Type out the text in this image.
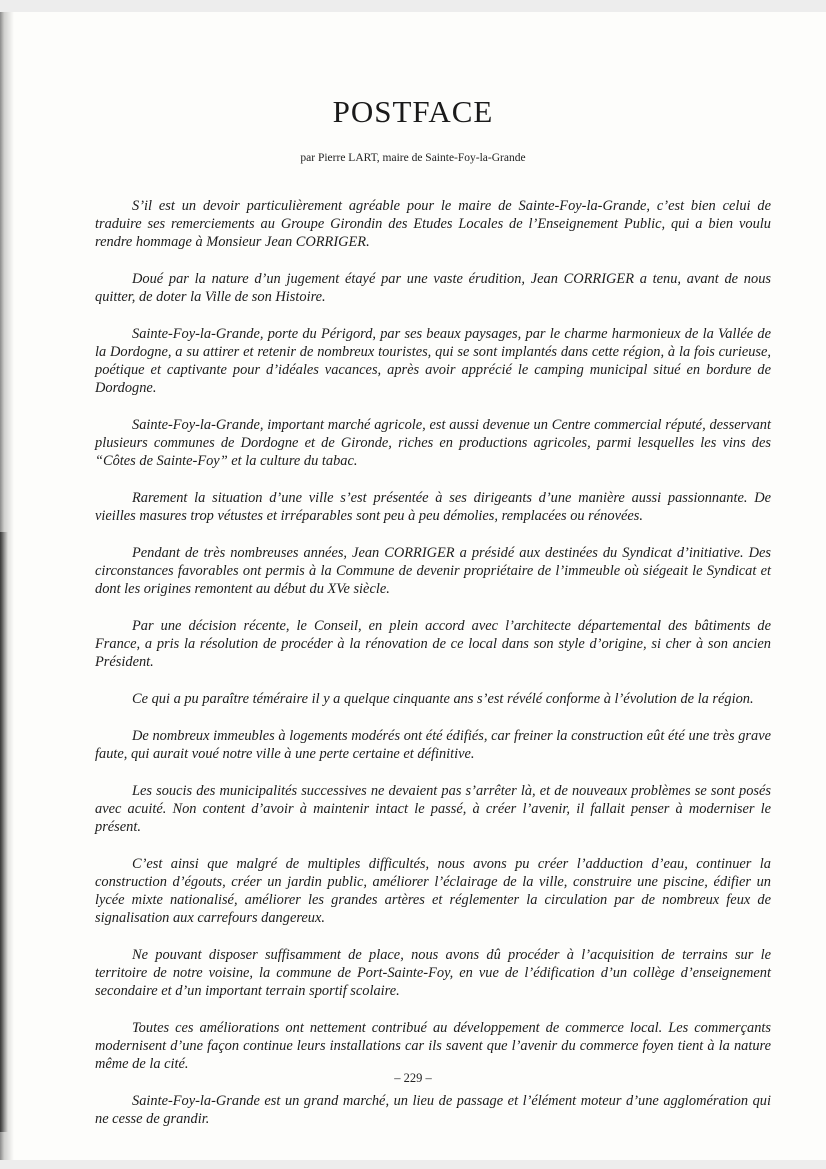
POSTFACE
par Pierre LART, maire de Sainte-Foy-la-Grande

S’il est un devoir particulièrement agréable pour le maire de Sainte-Foy-la-Grande, c’est bien celui de traduire ses remerciements au Groupe Girondin des Etudes Locales de l’Enseignement Public, qui a bien voulu rendre hommage à Monsieur Jean CORRIGER.

Doué par la nature d’un jugement étayé par une vaste érudition, Jean CORRIGER a tenu, avant de nous quitter, de doter la Ville de son Histoire.

Sainte-Foy-la-Grande, porte du Périgord, par ses beaux paysages, par le charme harmonieux de la Vallée de la Dordogne, a su attirer et retenir de nombreux touristes, qui se sont implantés dans cette région, à la fois curieuse, poétique et captivante pour d’idéales vacances, après avoir apprécié le camping municipal situé en bordure de Dordogne.

Sainte-Foy-la-Grande, important marché agricole, est aussi devenue un Centre commercial réputé, desservant plusieurs communes de Dordogne et de Gironde, riches en productions agricoles, parmi lesquelles les vins des “Côtes de Sainte-Foy” et la culture du tabac.

Rarement la situation d’une ville s’est présentée à ses dirigeants d’une manière aussi passionnante. De vieilles masures trop vétustes et irréparables sont peu à peu démolies, remplacées ou rénovées.

Pendant de très nombreuses années, Jean CORRIGER a présidé aux destinées du Syndicat d’initiative. Des circonstances favorables ont permis à la Commune de devenir propriétaire de l’immeuble où siégeait le Syndicat et dont les origines remontent au début du XVe siècle.

Par une décision récente, le Conseil, en plein accord avec l’architecte départemental des bâtiments de France, a pris la résolution de procéder à la rénovation de ce local dans son style d’origine, si cher à son ancien Président.

Ce qui a pu paraître téméraire il y a quelque cinquante ans s’est révélé conforme à l’évolution de la région.

De nombreux immeubles à logements modérés ont été édifiés, car freiner la construction eût été une très grave faute, qui aurait voué notre ville à une perte certaine et définitive.

Les soucis des municipalités successives ne devaient pas s’arrêter là, et de nouveaux problèmes se sont posés avec acuité. Non content d’avoir à maintenir intact le passé, à créer l’avenir, il fallait penser à moderniser le présent.

C’est ainsi que malgré de multiples difficultés, nous avons pu créer l’adduction d’eau, continuer la construction d’égouts, créer un jardin public, améliorer l’éclairage de la ville, construire une piscine, édifier un lycée mixte nationalisé, améliorer les grandes artères et réglementer la circulation par de nombreux feux de signalisation aux carrefours dangereux.

Ne pouvant disposer suffisamment de place, nous avons dû procéder à l’acquisition de terrains sur le territoire de notre voisine, la commune de Port-Sainte-Foy, en vue de l’édification d’un collège d’enseignement secondaire et d’un important terrain sportif scolaire.

Toutes ces améliorations ont nettement contribué au développement de commerce local. Les commerçants modernisent d’une façon continue leurs installations car ils savent que l’avenir du commerce foyen tient à la nature même de la cité.

Sainte-Foy-la-Grande est un grand marché, un lieu de passage et l’élément moteur d’une agglomération qui ne cesse de grandir.

– 229 –
